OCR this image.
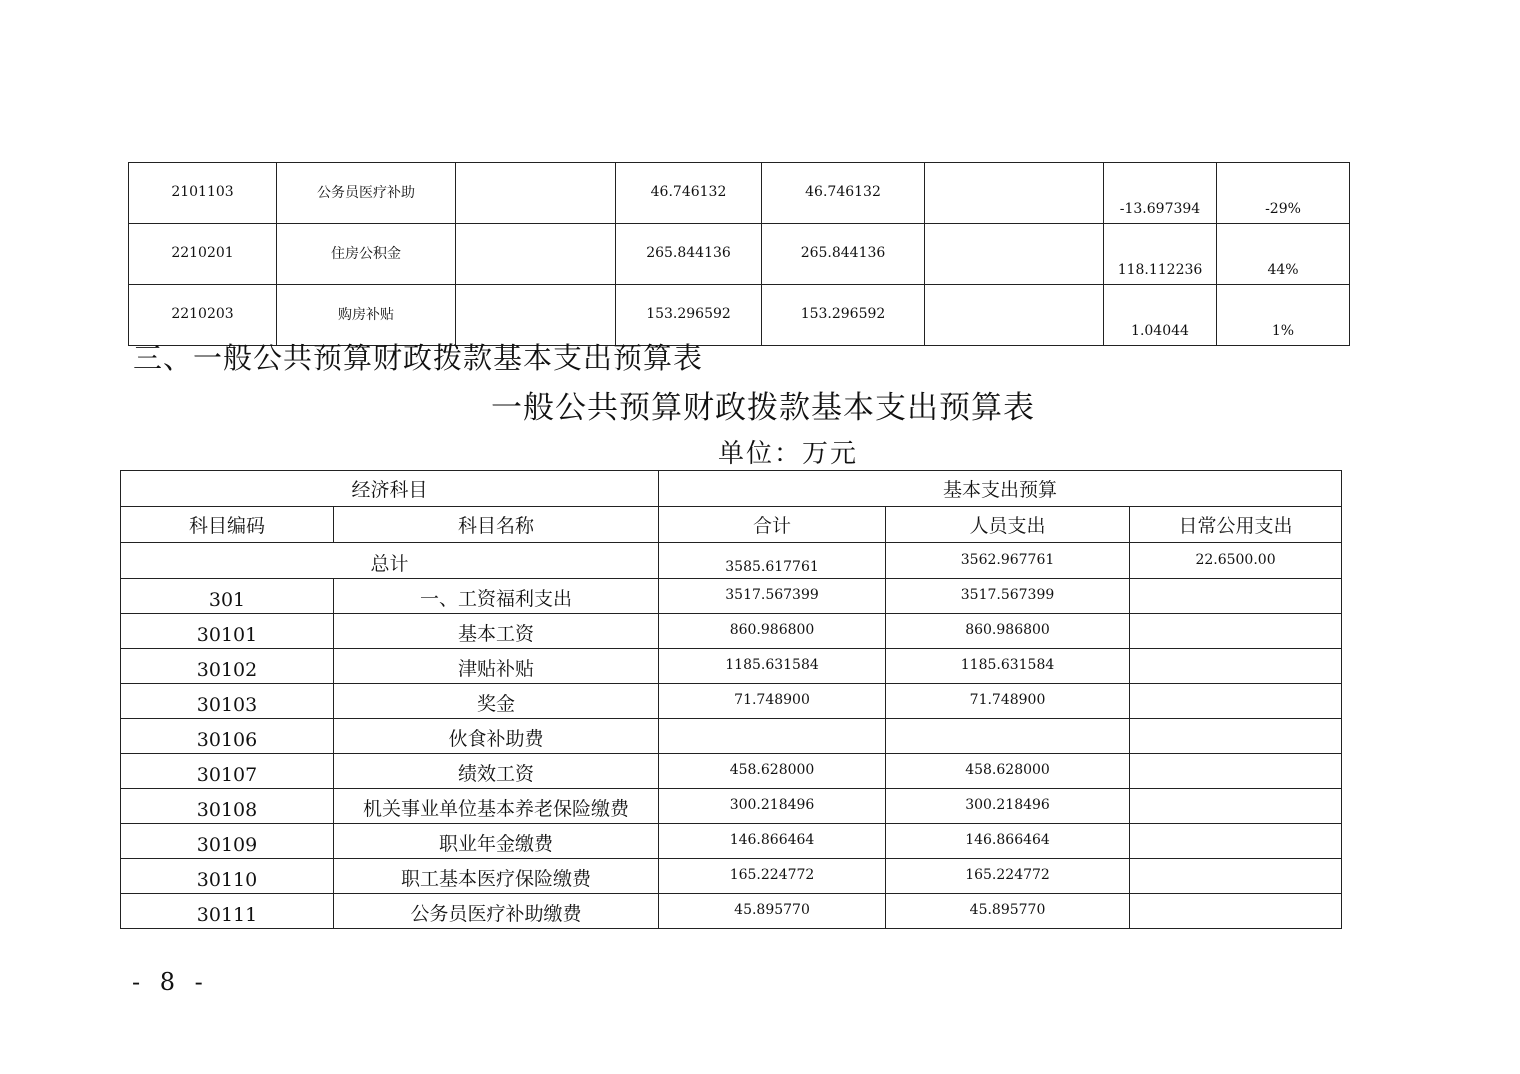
2101103	公务员医疗补助		46.746132	46.746132		-13.697394	-29%
2210201	住房公积金		265.844136	265.844136		118.112236	44%
2210203	购房补贴		153.296592	153.296592		1.04044	1%
三、一般公共预算财政拨款基本支出预算表
一般公共预算财政拨款基本支出预算表
单位：万元
经济科目		基本支出预算		
科目编码	科目名称	合计	人员支出	日常公用支出
总计		3585.617761	3562.967761	22.6500.00
301	一、工资福利支出	3517.567399	3517.567399	
30101	基本工资	860.986800	860.986800	
30102	津贴补贴	1185.631584	1185.631584	
30103	奖金	71.748900	71.748900	
30106	伙食补助费			
30107	绩效工资	458.628000	458.628000	
30108	机关事业单位基本养老保险缴费	300.218496	300.218496	
30109	职业年金缴费	146.866464	146.866464	
30110	职工基本医疗保险缴费	165.224772	165.224772	
30111	公务员医疗补助缴费	45.895770	45.895770	
- 8 -
